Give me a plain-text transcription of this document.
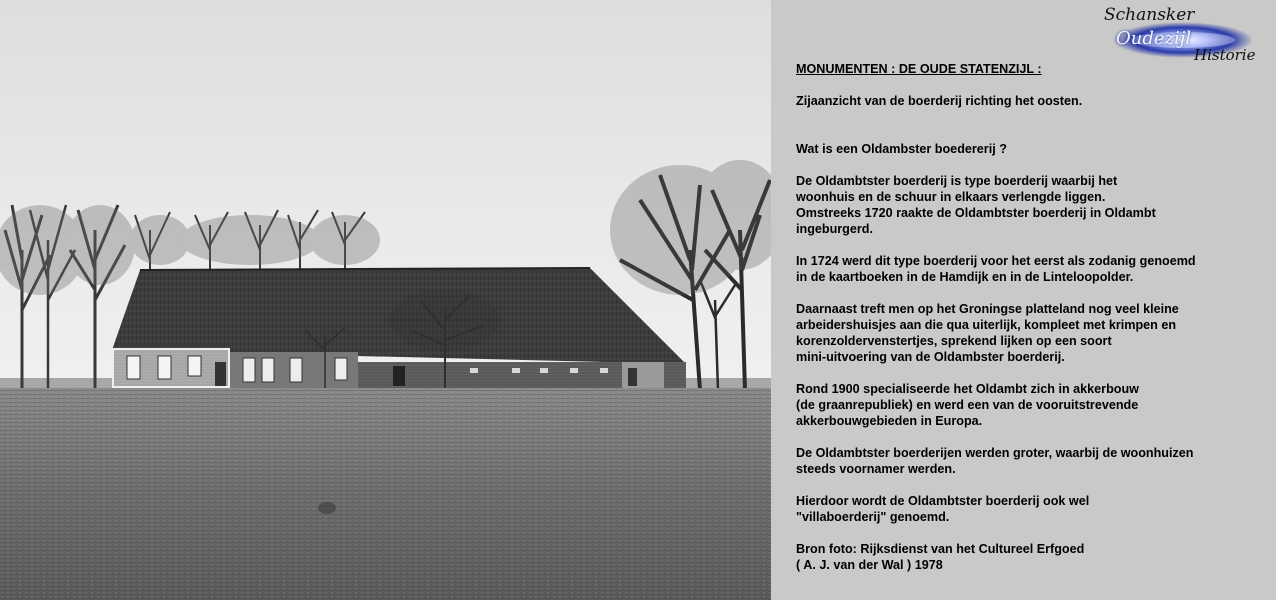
Schansker
Oudezijl
Historie

MONUMENTEN : DE OUDE STATENZIJL :

Zijaanzicht van de boerderij richting het oosten.

Wat is een Oldambster boedererij ?

De Oldambtster boerderij is type boerderij waarbij het
woonhuis en de schuur in elkaars verlengde liggen.
Omstreeks 1720 raakte de Oldambtster boerderij in Oldambt
ingeburgerd.

In 1724 werd dit type boerderij voor het eerst als zodanig genoemd
in de kaartboeken in de Hamdijk en in de Linteloopolder.

Daarnaast treft men op het Groningse platteland nog veel kleine
arbeidershuisjes aan die qua uiterlijk, kompleet met krimpen en
korenzoldervenstertjes, sprekend lijken op een soort
mini-uitvoering van de Oldambster boerderij.

Rond 1900 specialiseerde het Oldambt zich in akkerbouw
(de graanrepubliek) en werd een van de vooruitstrevende
akkerbouwgebieden in Europa.

De Oldambtster boerderijen werden groter, waarbij de woonhuizen
steeds voornamer werden.

Hierdoor wordt de Oldambtster boerderij ook wel
"villaboerderij" genoemd.

Bron foto: Rijksdienst van het Cultureel Erfgoed
( A. J. van der Wal ) 1978
